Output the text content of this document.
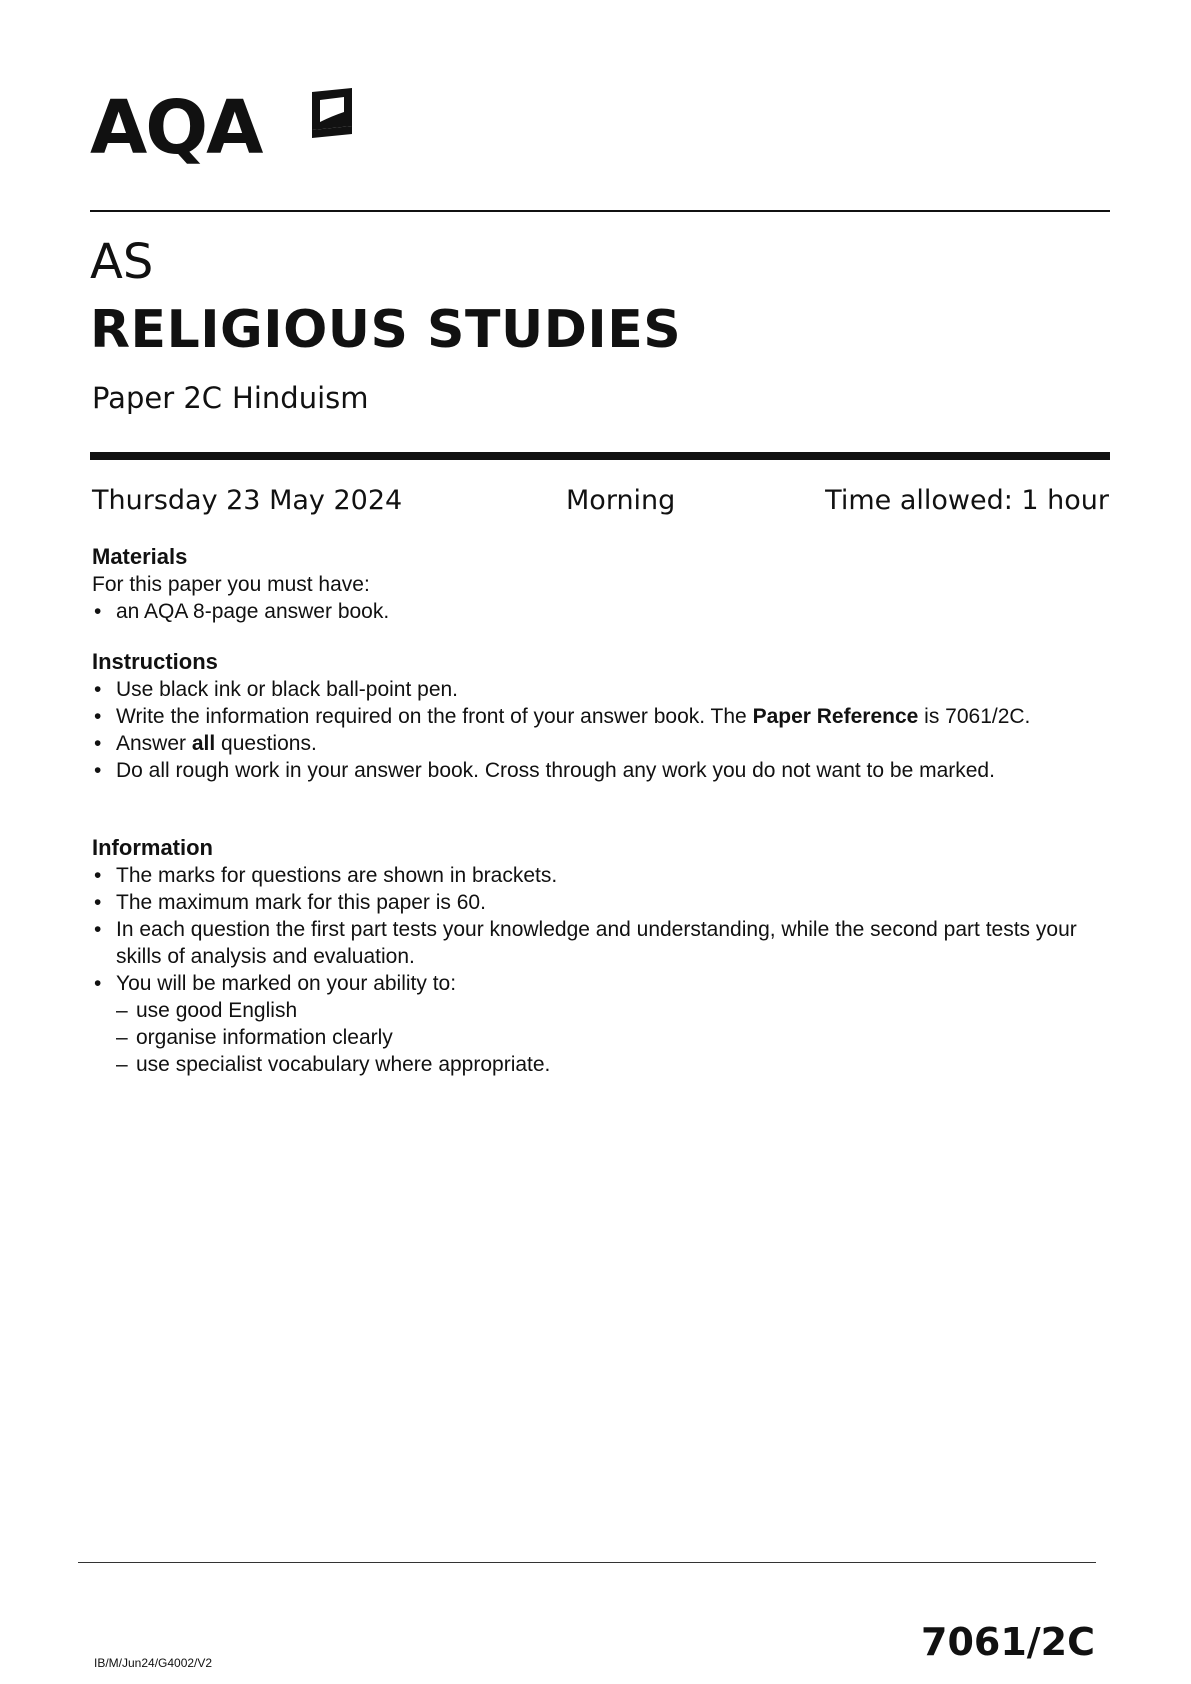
AQA
AS
RELIGIOUS STUDIES
Paper 2C Hinduism
Thursday 23 May 2024	Morning	Time allowed: 1 hour
Materials

For this paper you must have:

• an AQA 8-page answer book.
Instructions
• Use black ink or black ball-point pen.
• Write the information required on the front of your answer book. The Paper Reference is 7061/2C.
• Answer all questions.
• Do all rough work in your answer book. Cross through any work you do not want to be marked.
Information
• The marks for questions are shown in brackets.
• The maximum mark for this paper is 60.
• In each question the first part tests your knowledge and understanding, while the second part tests your skills of analysis and evaluation.
• You will be marked on your ability to:
– use good English
– organise information clearly
– use specialist vocabulary where appropriate.
IB/M/Jun24/G4002/V2	7061/2C
